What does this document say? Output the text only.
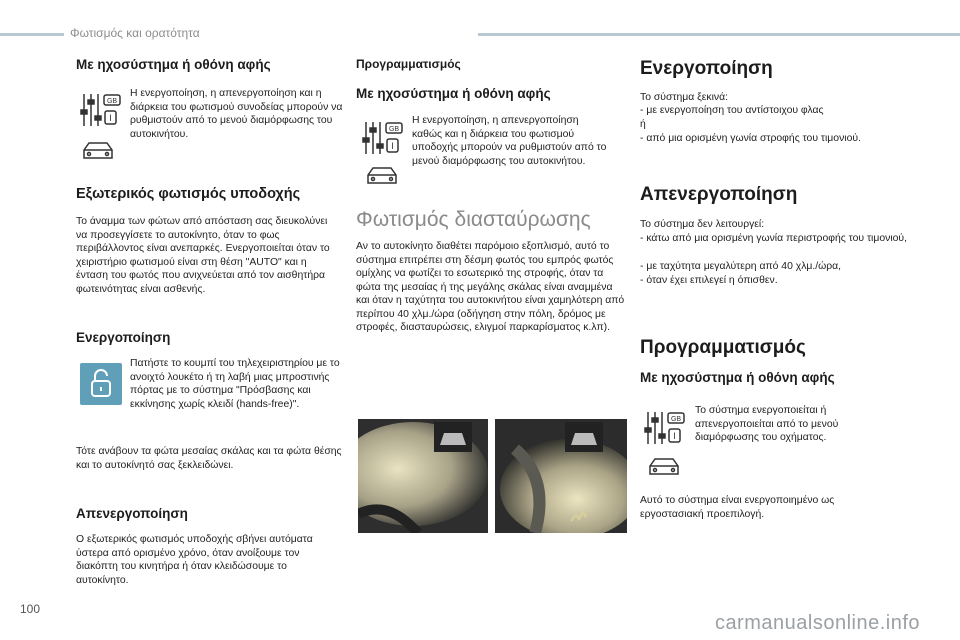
Φωτισμός και ορατότητα
Με ηχοσύστημα ή οθόνη αφής
GB
I

Η ενεργοποίηση, η απενεργοποίηση και η διάρκεια του φωτισμού συνοδείας μπορούν να ρυθμιστούν από το μενού διαμόρφωσης του αυτοκινήτου.

Εξωτερικός φωτισμός υποδοχής

Το άναμμα των φώτων από απόσταση σας διευκολύνει να προσεγγίσετε το αυτοκίνητο, όταν το φως περιβάλλοντος είναι ανεπαρκές. Ενεργοποιείται όταν το χειριστήριο φωτισμού είναι στη θέση "AUTO" και η ένταση του φωτός που ανιχνεύεται από τον αισθητήρα φωτεινότητας είναι ασθενής.

Ενεργοποίηση

Πατήστε το κουμπί του τηλεχειριστηρίου με το ανοιχτό λουκέτο ή τη λαβή μιας μπροστινής πόρτας με το σύστημα "Πρόσβασης και εκκίνησης χωρίς κλειδί (hands-free)".

Τότε ανάβουν τα φώτα μεσαίας σκάλας και τα φώτα θέσης και το αυτοκίνητό σας ξεκλειδώνει.

Απενεργοποίηση

Ο εξωτερικός φωτισμός υποδοχής σβήνει αυτόματα ύστερα από ορισμένο χρόνο, όταν ανοίξουμε τον διακόπτη του κινητήρα ή όταν κλειδώσουμε το αυτοκίνητο.

Προγραμματισμός
Με ηχοσύστημα ή οθόνη αφής
GB
I

Η ενεργοποίηση, η απενεργοποίηση καθώς και η διάρκεια του φωτισμού υποδοχής μπορούν να ρυθμιστούν από το μενού διαμόρφωσης του αυτοκινήτου.

Φωτισμός διασταύρωσης

Αν το αυτοκίνητο διαθέτει παρόμοιο εξοπλισμό, αυτό το σύστημα επιτρέπει στη δέσμη φωτός του εμπρός φωτός ομίχλης να φωτίζει το εσωτερικό της στροφής, όταν τα φώτα της μεσαίας ή της μεγάλης σκάλας είναι αναμμένα και όταν η ταχύτητα του αυτοκινήτου είναι χαμηλότερη από περίπου 40 χλμ./ώρα (οδήγηση στην πόλη, δρόμος με στροφές, διασταυρώσεις, ελιγμοί παρκαρίσματος κ.λπ).

Ενεργοποίηση

Το σύστημα ξεκινά:

- με ενεργοποίηση του αντίστοιχου φλας

ή

- από μια ορισμένη γωνία στροφής του τιμονιού.

Απενεργοποίηση

Το σύστημα δεν λειτουργεί:

- κάτω από μια ορισμένη γωνία περιστροφής του τιμονιού,

- με ταχύτητα μεγαλύτερη από 40 χλμ./ώρα,

- όταν έχει επιλεγεί η όπισθεν.

Προγραμματισμός
Με ηχοσύστημα ή οθόνη αφής
GB
I

Το σύστημα ενεργοποιείται ή απενεργοποιείται από το μενού διαμόρφωσης του οχήματος.

Αυτό το σύστημα είναι ενεργοποιημένο ως εργοστασιακή προεπιλογή.

100
carmanualsonline.info
